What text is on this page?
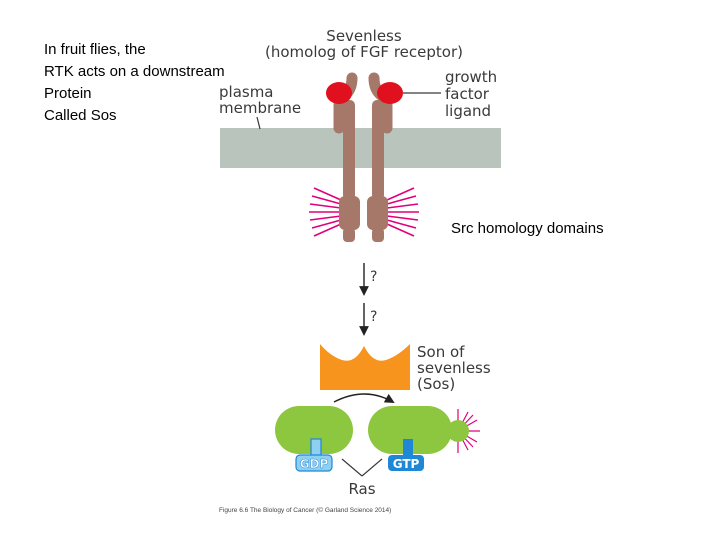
In fruit flies, the
RTK acts on a downstream
Protein
Called Sos
Sevenless
(homolog of FGF receptor)
plasma
membrane
growth
factor
ligand
?
?
Son of
sevenless
(Sos)
GDP	GTP
Ras
Figure 6.6 The Biology of Cancer (© Garland Science 2014)
Src homology domains
